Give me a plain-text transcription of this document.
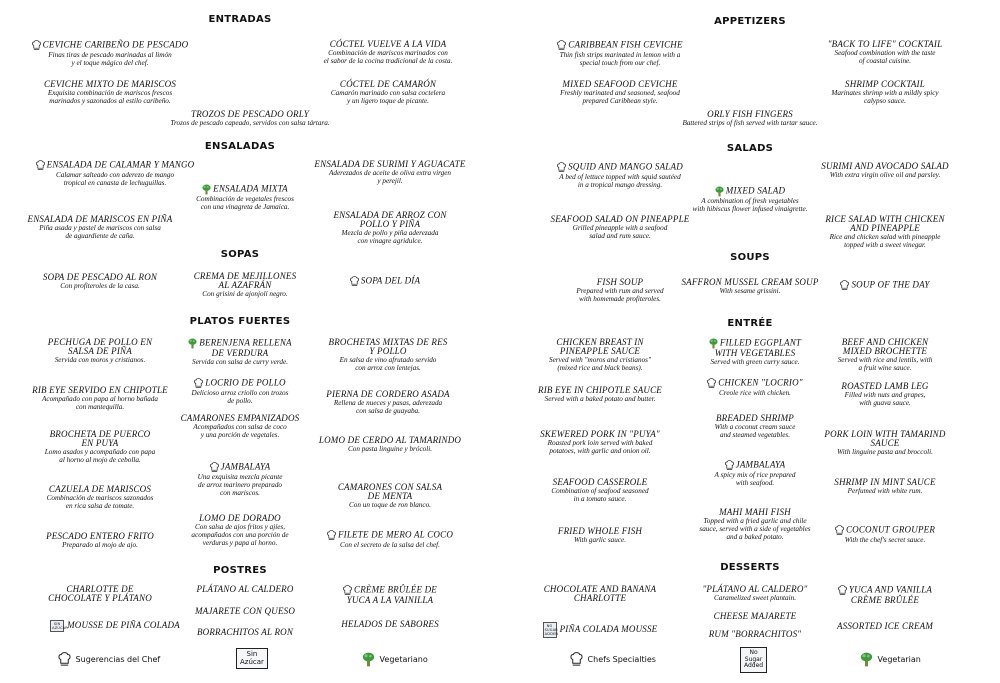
ENTRADAS
ENSALADAS
SOPAS
PLATOS FUERTES
POSTRES
CEVICHE CARIBEÑO DE PESCADO
Finas tiras de pescado marinadas al limón
y el toque mágico del chef.
CÓCTEL VUELVE A LA VIDA
Combinación de mariscos marinados con
el sabor de la cocina tradicional de la costa.
CEVICHE MIXTO DE MARISCOS
Exquisita combinación de mariscos frescos
marinados y sazonados al estilo caribeño.
CÓCTEL DE CAMARÓN
Camarón marinado con salsa coctelera
y un ligero toque de picante.
TROZOS DE PESCADO ORLY
Trozos de pescado capeado, servidos con salsa tártara.
ENSALADA DE CALAMAR Y MANGO
Calamar salteado con aderezo de mango
tropical en canasta de lechuguillas.
ENSALADA DE SURIMI Y AGUACATE
Aderezados de aceite de oliva extra virgen
y perejil.
ENSALADA MIXTA
Combinación de vegetales frescos
con una vinagreta de Jamaica.
ENSALADA DE MARISCOS EN PIÑA
Piña asada y pastel de mariscos con salsa
de aguardiente de caña.
ENSALADA DE ARROZ CON
POLLO Y PIÑA
Mezcla de pollo y piña aderezada
con vinagre agridulce.
SOPA DE PESCADO AL RON
Con profiteroles de la casa.
CREMA DE MEJILLONES
AL AZAFRÁN
Con grisini de ajonjolí negro.
SOPA DEL DÍA
PECHUGA DE POLLO EN
SALSA DE PIÑA
Servida con moros y cristianos.
BERENJENA RELLENA
DE VERDURA
Servida con salsa de curry verde.
BROCHETAS MIXTAS DE RES
Y POLLO
En salsa de vino afrutado servido
con arroz con lentejas.
LOCRIO DE POLLO
Delicioso arroz criollo con trozos
de pollo.
RIB EYE SERVIDO EN CHIPOTLE
Acompañado con papa al horno bañada
con mantequilla.
PIERNA DE CORDERO ASADA
Rellena de nueces y pasas, aderezada
con salsa de guayaba.
CAMARONES EMPANIZADOS
Acompañados con salsa de coco
y una porción de vegetales.
BROCHETA DE PUERCO
EN PUYA
Lomo asados y acompañado con papa
al horno al mojo de cebolla.
LOMO DE CERDO AL TAMARINDO
Con pasta linguine y brócoli.
JAMBALAYA
Una exquisita mezcla picante
de arroz marinero preparado
con mariscos.
CAZUELA DE MARISCOS
Combinación de mariscos sazonados
en rica salsa de tomate.
CAMARONES CON SALSA
DE MENTA
Con un toque de ron blanco.
LOMO DE DORADO
Con salsa de ajos fritos y ajíes,
acompañados con una porción de
verduras y papa al horno.
PESCADO ENTERO FRITO
Preparado al mojo de ajo.
FILETE DE MERO AL COCO
Con el secreto de la salsa del chef.
CHARLOTTE DE
CHOCOLATE Y PLÁTANO
PLÁTANO AL CALDERO	CRÈME BRÛLÉE DE
YUCA A LA VAINILLA
MAJARETE CON QUESO
SIN AZÚCARMOUSSE DE PIÑA COLADA
BORRACHITOS AL RON
HELADOS DE SABORES
Sugerencias del Chef
Sin
Azúcar	Vegetariano
APPETIZERS
SALADS
SOUPS
ENTRÉE
DESSERTS
CARIBBEAN FISH CEVICHE
Thin fish strips marinated in lemon with a
special touch from our chef.
"BACK TO LIFE" COCKTAIL
Seafood combination with the taste
of coastal cuisine.
MIXED SEAFOOD CEVICHE
Freshly marinated and seasoned, seafood
prepared Caribbean style.
SHRIMP COCKTAIL
Marinates shrimp with a mildly spicy
calypso sauce.
ORLY FISH FINGERS
Battered strips of fish served with tartar sauce.
SQUID AND MANGO SALAD
A bed of lettuce topped with squid sautéed
in a tropical mango dressing.
SURIMI AND AVOCADO SALAD
With extra virgin olive oil and parsley.
MIXED SALAD
A combination of fresh vegetables
with hibiscus flower infused vinaigrette.
SEAFOOD SALAD ON PINEAPPLE
Grilled pineapple with a seafood
salad and rum sauce.
RICE SALAD WITH CHICKEN
AND PINEAPPLE
Rice and chicken salad with pineapple
topped with a sweet vinegar.
FISH SOUP
Prepared with rum and served
with homemade profiteroles.
SAFFRON MUSSEL CREAM SOUP
With sesame grissini.
SOUP OF THE DAY
CHICKEN BREAST IN
PINEAPPLE SAUCE
Served with "moros and cristianos"
(mixed rice and black beans).
FILLED EGGPLANT
WITH VEGETABLES
Served with green curry sauce.
BEEF AND CHICKEN
MIXED BROCHETTE
Served with rice and lentils, with
a fruit wine sauce.
CHICKEN "LOCRIO"
Creole rice with chicken.
RIB EYE IN CHIPOTLE SAUCE
Served with a baked potato and butter.
ROASTED LAMB LEG
Filled with nuts and grapes,
with guava sauce.
BREADED SHRIMP
With a coconut cream sauce
and steamed vegetables.
SKEWERED PORK IN "PUYA"
Roasted pork loin served with baked
potatoes, with garlic and onion oil.
PORK LOIN WITH TAMARIND
SAUCE
With linguine pasta and broccoli.
JAMBALAYA
A spicy mix of rice prepared
with seafood.
SEAFOOD CASSEROLE
Combination of seafood seasoned
in a tomato sauce.
SHRIMP IN MINT SAUCE
Perfumed with white rum.
MAHI MAHI FISH
Topped with a fried garlic and chile
sauce, served with a side of vegetables
and a baked potato.
FRIED WHOLE FISH
With garlic sauce.
COCONUT GROUPER
With the chef's secret sauce.
CHOCOLATE AND BANANA
CHARLOTTE
"PLÁTANO AL CALDERO"
Caramelized sweet plantain.
YUCA AND VANILLA
CRÈME BRÛLÉE
CHEESE MAJARETE
NO SUGAR ADDEDPIÑA COLADA MOUSSE	RUM "BORRACHITOS"
ASSORTED ICE CREAM
Chefs Specialties
No
Sugar
Added
Vegetarian
